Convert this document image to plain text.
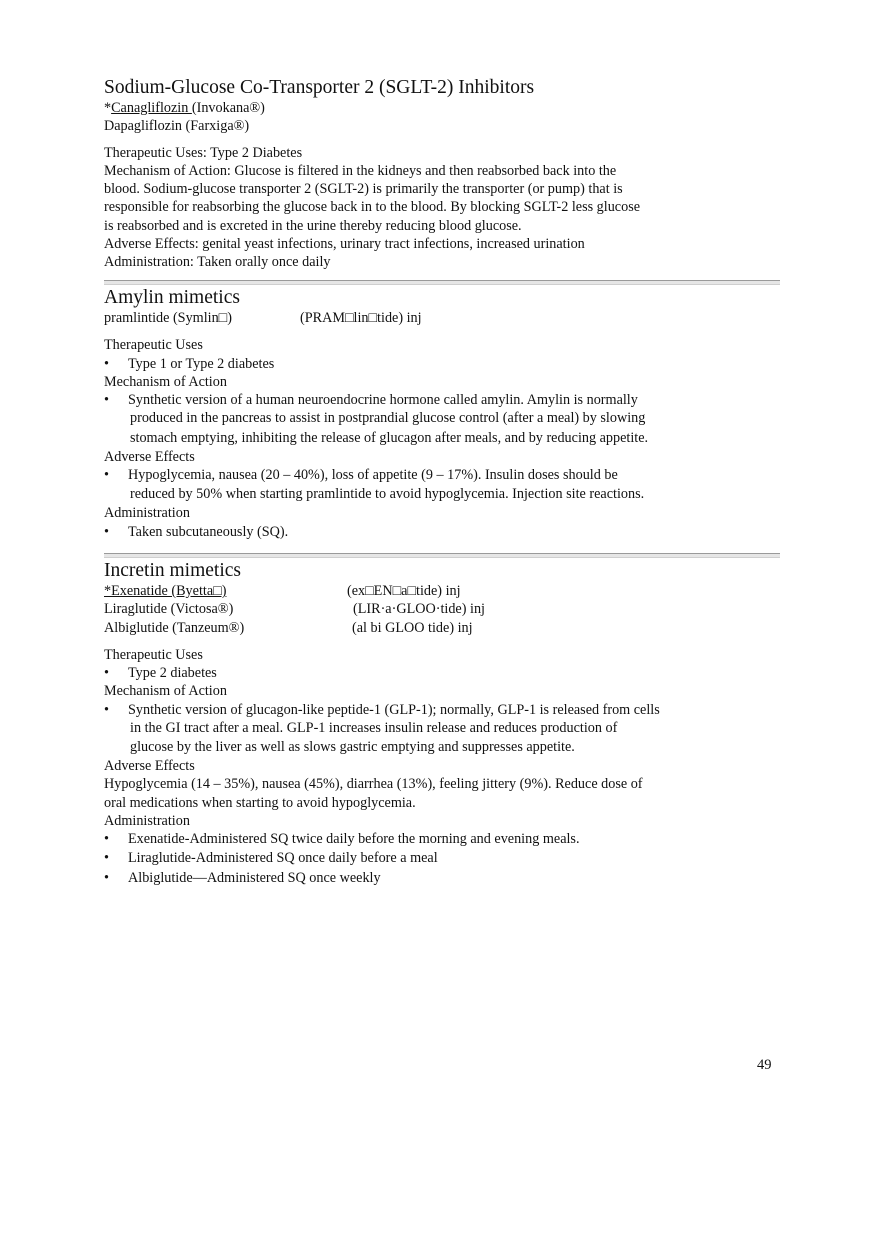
Sodium-Glucose Co-Transporter 2 (SGLT-2) Inhibitors
*Canagliflozin (Invokana®)
Dapagliflozin (Farxiga®)
Therapeutic Uses: Type 2 Diabetes
Mechanism of Action: Glucose is filtered in the kidneys and then reabsorbed back into the
blood. Sodium-glucose transporter 2 (SGLT-2) is primarily the transporter (or pump) that is
responsible for reabsorbing the glucose back in to the blood. By blocking SGLT-2 less glucose
is reabsorbed and is excreted in the urine thereby reducing blood glucose.
Adverse Effects: genital yeast infections, urinary tract infections, increased urination
Administration: Taken orally once daily
Amylin mimetics
pramlintide (Symlin□)	(PRAM□lin□tide) inj
Therapeutic Uses
• Type 1 or Type 2 diabetes
Mechanism of Action
• Synthetic version of a human neuroendocrine hormone called amylin. Amylin is normally
produced in the pancreas to assist in postprandial glucose control (after a meal) by slowing
stomach emptying, inhibiting the release of glucagon after meals, and by reducing appetite.
Adverse Effects
• Hypoglycemia, nausea (20 – 40%), loss of appetite (9 – 17%). Insulin doses should be
reduced by 50% when starting pramlintide to avoid hypoglycemia. Injection site reactions.
Administration
• Taken subcutaneously (SQ).
Incretin mimetics
*Exenatide (Byetta□)	(ex□EN□a□tide) inj
Liraglutide (Victosa®)	(LIR·a·GLOO·tide) inj
Albiglutide (Tanzeum®)	(al bi GLOO tide) inj
Therapeutic Uses
• Type 2 diabetes
Mechanism of Action
• Synthetic version of glucagon-like peptide-1 (GLP-1); normally, GLP-1 is released from cells
in the GI tract after a meal. GLP-1 increases insulin release and reduces production of
glucose by the liver as well as slows gastric emptying and suppresses appetite.
Adverse Effects
Hypoglycemia (14 – 35%), nausea (45%), diarrhea (13%), feeling jittery (9%). Reduce dose of
oral medications when starting to avoid hypoglycemia.
Administration
• Exenatide-Administered SQ twice daily before the morning and evening meals.
• Liraglutide-Administered SQ once daily before a meal
• Albiglutide—Administered SQ once weekly
49
